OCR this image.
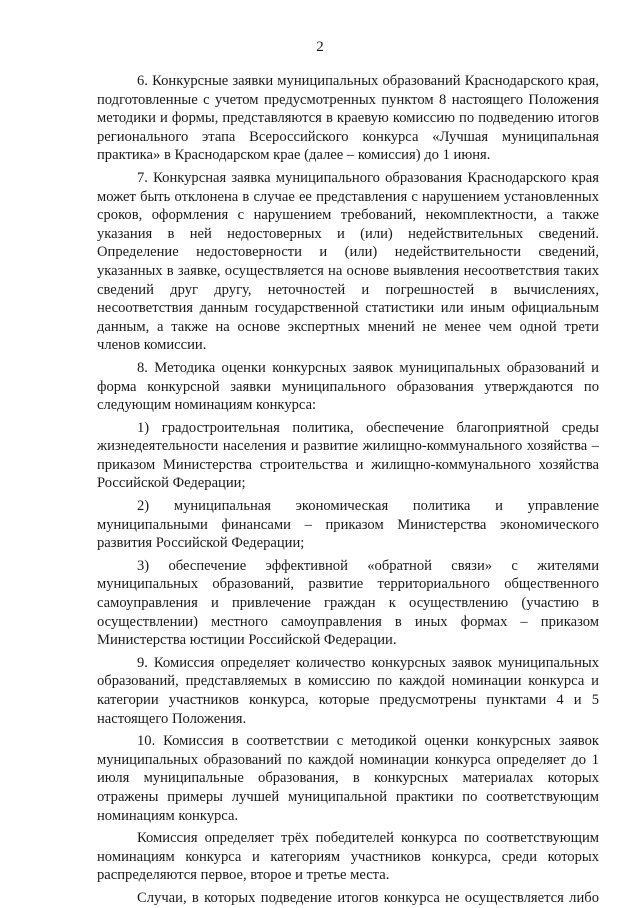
2

6. Конкурсные заявки муниципальных образований Краснодарского края, подготовленные с учетом предусмотренных пунктом 8 настоящего Положения методики и формы, представляются в краевую комиссию по подведению итогов регионального этапа Всероссийского конкурса «Лучшая муниципальная практика» в Краснодарском крае (далее – комиссия) до 1 июня.

7. Конкурсная заявка муниципального образования Краснодарского края может быть отклонена в случае ее представления с нарушением установленных сроков, оформления с нарушением требований, некомплектности, а также указания в ней недостоверных и (или) недействительных сведений. Определение недостоверности и (или) недействительности сведений, указанных в заявке, осуществляется на основе выявления несоответствия таких сведений друг другу, неточностей и погрешностей в вычислениях, несоответствия данным государственной статистики или иным официальным данным, а также на основе экспертных мнений не менее чем одной трети членов комиссии.

8. Методика оценки конкурсных заявок муниципальных образований и форма конкурсной заявки муниципального образования утверждаются по следующим номинациям конкурса:

1) градостроительная политика, обеспечение благоприятной среды жизнедеятельности населения и развитие жилищно-коммунального хозяйства – приказом Министерства строительства и жилищно-коммунального хозяйства Российской Федерации;

2) муниципальная экономическая политика и управление муниципальными финансами – приказом Министерства экономического развития Российской Федерации;

3) обеспечение эффективной «обратной связи» с жителями муниципальных образований, развитие территориального общественного самоуправления и привлечение граждан к осуществлению (участию в осуществлении) местного самоуправления в иных формах – приказом Министерства юстиции Российской Федерации.

9. Комиссия определяет количество конкурсных заявок муниципальных образований, представляемых в комиссию по каждой номинации конкурса и категории участников конкурса, которые предусмотрены пунктами 4 и 5 настоящего Положения.

10. Комиссия в соответствии с методикой оценки конкурсных заявок муниципальных образований по каждой номинации конкурса определяет до 1 июля муниципальные образования, в конкурсных материалах которых отражены примеры лучшей муниципальной практики по соответствующим номинациям конкурса.

Комиссия определяет трёх победителей конкурса по соответствующим номинациям конкурса и категориям участников конкурса, среди которых распределяются первое, второе и третье места.

Случаи, в которых подведение итогов конкурса не осуществляется либо
